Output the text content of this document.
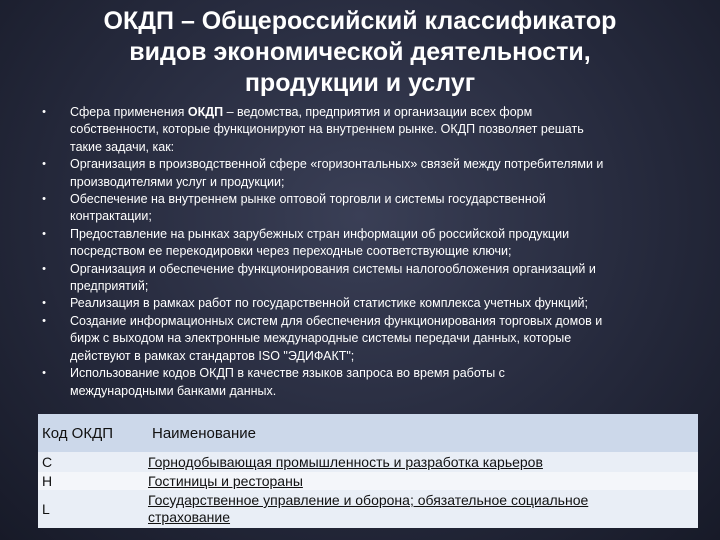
ОКДП – Общероссийский классификатор
видов экономической деятельности,
продукции и услуг
•	Сфера применения ОКДП – ведомства, предприятия и организации всех форм
собственности, которые функционируют на внутреннем рынке. ОКДП позволяет решать
такие задачи, как:
•	Организация в производственной сфере «горизонтальных» связей между потребителями и
производителями услуг и продукции;
•	Обеспечение на внутреннем рынке оптовой торговли и системы государственной
контрактации;
•	Предоставление на рынках зарубежных стран информации об российской продукции
посредством ее перекодировки через переходные соответствующие ключи;
•	Организация и обеспечение функционирования системы налогообложения организаций и
предприятий;
•	Реализация в рамках работ по государственной статистике комплекса учетных функций;
•	Создание информационных систем для обеспечения функционирования торговых домов и
бирж с выходом на электронные международные системы передачи данных, которые
действуют в рамках стандартов ISO "ЭДИФАКТ";
•	Использование кодов ОКДП в качестве языков запроса во время работы с
международными банками данных.
Код ОКДП	Наименование
C	Горнодобывающая промышленность и разработка карьеров

H	Гостиницы и рестораны

L	Государственное управление и оборона; обязательное социальное
страхование
